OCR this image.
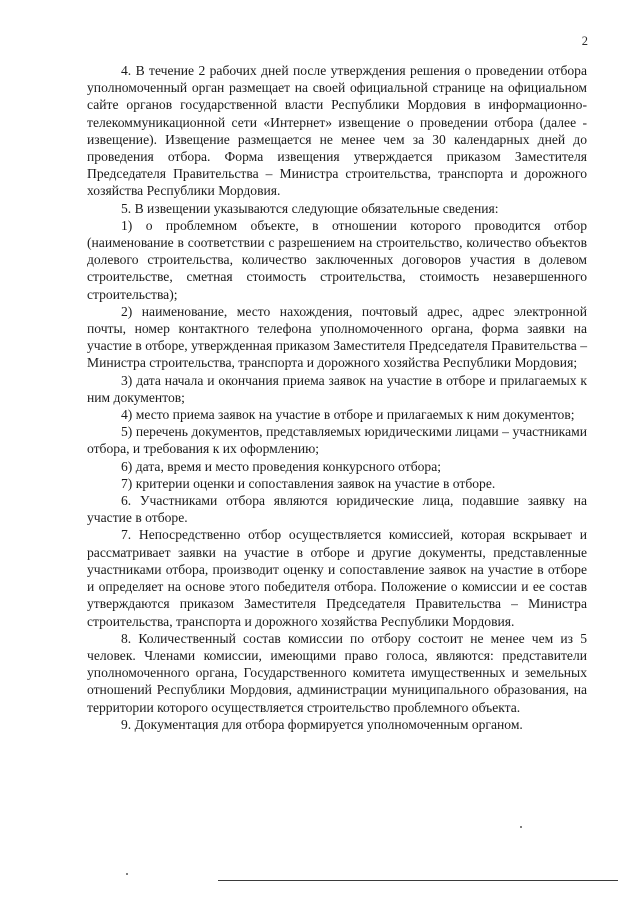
2

4. В течение 2 рабочих дней после утверждения решения о проведении отбора уполномоченный орган размещает на своей официальной странице на официальном сайте органов государственной власти Республики Мордовия в информационно-телекоммуникационной сети «Интернет» извещение о проведении отбора (далее - извещение). Извещение размещается не менее чем за 30 календарных дней до проведения отбора. Форма извещения утверждается приказом Заместителя Председателя Правительства – Министра строительства, транспорта и дорожного хозяйства Республики Мордовия.

5. В извещении указываются следующие обязательные сведения:

1) о проблемном объекте, в отношении которого проводится отбор (наименование в соответствии с разрешением на строительство, количество объектов долевого строительства, количество заключенных договоров участия в долевом строительстве, сметная стоимость строительства, стоимость незавершенного строительства);

2) наименование, место нахождения, почтовый адрес, адрес электронной почты, номер контактного телефона уполномоченного органа, форма заявки на участие в отборе, утвержденная приказом Заместителя Председателя Правительства – Министра строительства, транспорта и дорожного хозяйства Республики Мордовия;

3) дата начала и окончания приема заявок на участие в отборе и прилагаемых к ним документов;

4) место приема заявок на участие в отборе и прилагаемых к ним документов;

5) перечень документов, представляемых юридическими лицами – участниками отбора, и требования к их оформлению;

6) дата, время и место проведения конкурсного отбора;

7) критерии оценки и сопоставления заявок на участие в отборе.

6. Участниками отбора являются юридические лица, подавшие заявку на участие в отборе.

7. Непосредственно отбор осуществляется комиссией, которая вскрывает и рассматривает заявки на участие в отборе и другие документы, представленные участниками отбора, производит оценку и сопоставление заявок на участие в отборе и определяет на основе этого победителя отбора. Положение о комиссии и ее состав утверждаются приказом Заместителя Председателя Правительства – Министра строительства, транспорта и дорожного хозяйства Республики Мордовия.

8. Количественный состав комиссии по отбору состоит не менее чем из 5 человек. Членами комиссии, имеющими право голоса, являются: представители уполномоченного органа, Государственного комитета имущественных и земельных отношений Республики Мордовия, администрации муниципального образования, на территории которого осуществляется строительство проблемного объекта.

9. Документация для отбора формируется уполномоченным органом.
